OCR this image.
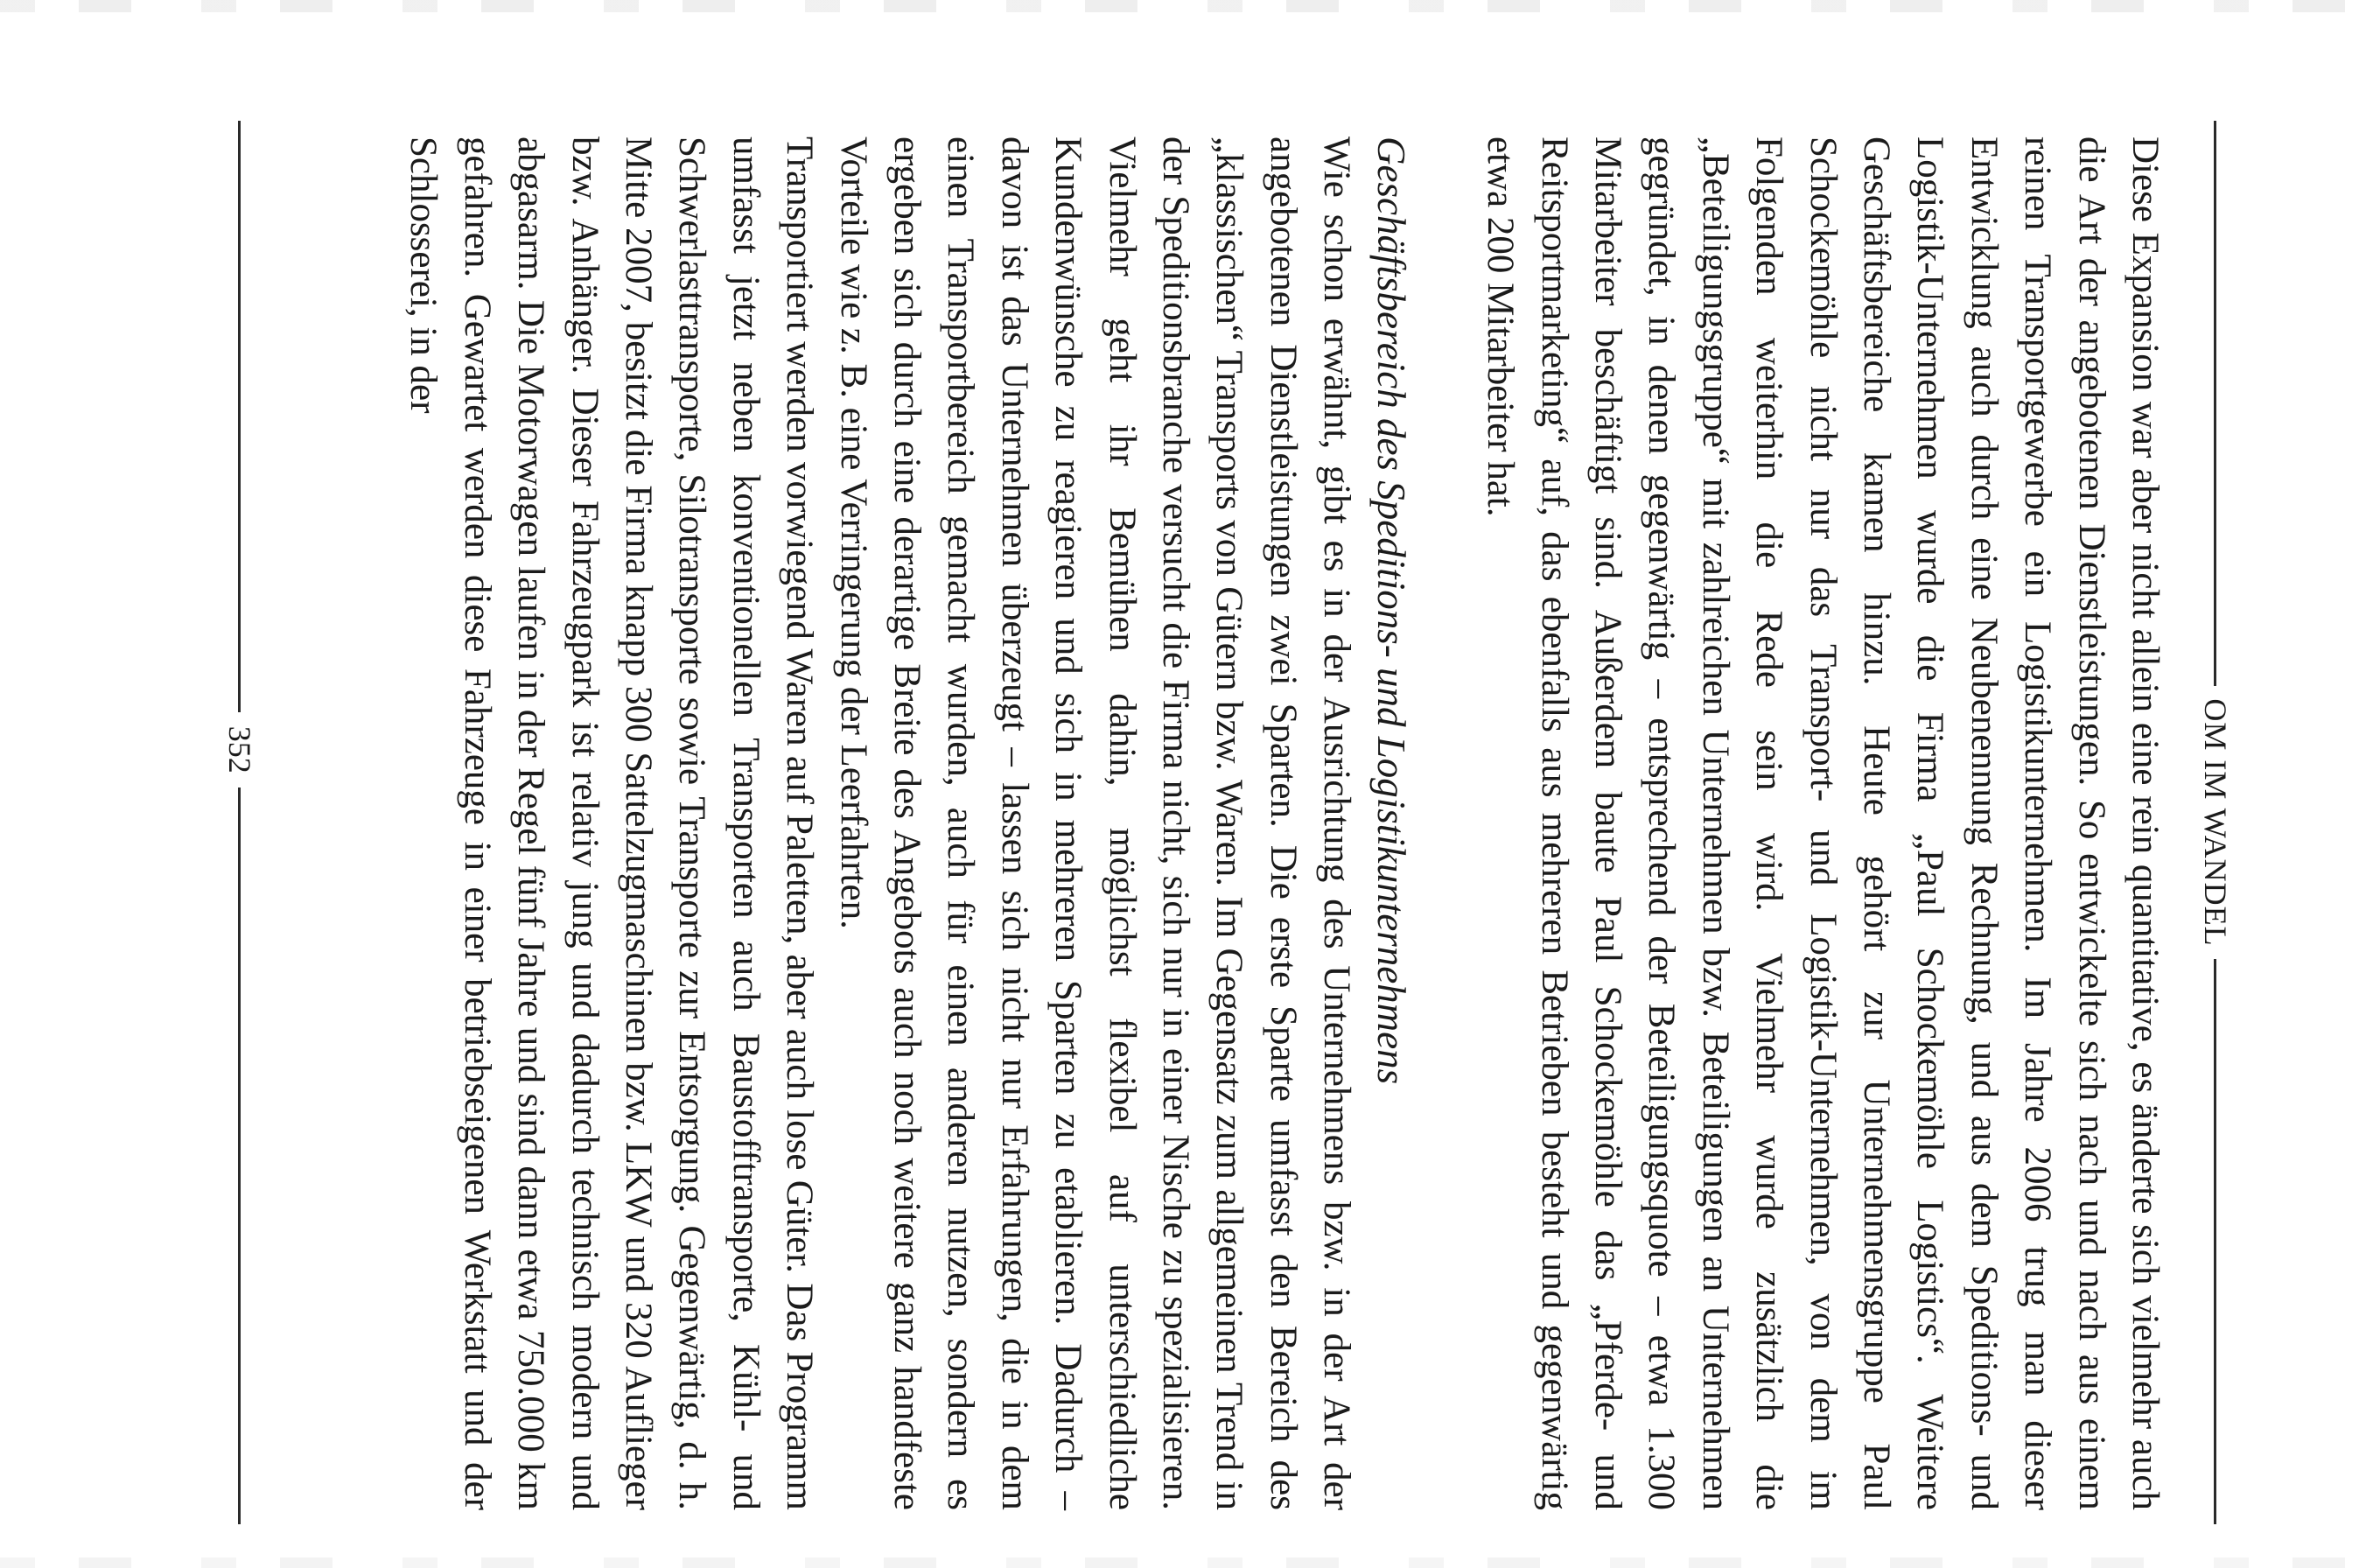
OM IM WANDEL

Diese Expansion war aber nicht allein eine rein quantitative, es änderte sich vielmehr auch die Art der angebotenen Dienstleistungen. So entwickelte sich nach und nach aus einem reinen Transportgewerbe ein Logistikunternehmen. Im Jahre 2006 trug man dieser Entwicklung auch durch eine Neubenennung Rechnung, und aus dem Speditions- und Logistik-Unternehmen wurde die Firma „Paul Schockemöhle Logistics“. Weitere Geschäftsbereiche kamen hinzu. Heute gehört zur Unternehmensgruppe Paul Schockemöhle nicht nur das Transport- und Logistik-Unternehmen, von dem im Folgenden weiterhin die Rede sein wird. Vielmehr wurde zusätzlich die „Beteiligungsgruppe“ mit zahlreichen Unternehmen bzw. Beteiligungen an Unternehmen gegründet, in denen gegenwärtig – entsprechend der Beteiligungsquote – etwa 1.300 Mitarbeiter beschäftigt sind. Außerdem baute Paul Schockemöhle das „Pferde- und Reitsportmarketing“ auf, das ebenfalls aus mehreren Betrieben besteht und gegenwärtig etwa 200 Mitarbeiter hat.

Geschäftsbereich des Speditions- und Logistikunternehmens

Wie schon erwähnt, gibt es in der Ausrichtung des Unternehmens bzw. in der Art der angebotenen Dienstleistungen zwei Sparten. Die erste Sparte umfasst den Bereich des „klassischen“ Transports von Gütern bzw. Waren. Im Gegensatz zum allgemeinen Trend in der Speditionsbranche versucht die Firma nicht, sich nur in einer Nische zu spezialisieren. Vielmehr geht ihr Bemühen dahin, möglichst flexibel auf unterschiedliche Kundenwünsche zu reagieren und sich in mehreren Sparten zu etablieren. Dadurch – davon ist das Unternehmen überzeugt – lassen sich nicht nur Erfahrungen, die in dem einen Transportbereich gemacht wurden, auch für einen anderen nutzen, sondern es ergeben sich durch eine derartige Breite des Angebots auch noch weitere ganz handfeste Vorteile wie z. B. eine Verringerung der Leerfahrten.

Transportiert werden vorwiegend Waren auf Paletten, aber auch lose Güter. Das Programm umfasst jetzt neben konventionellen Transporten auch Baustofftransporte, Kühl- und Schwerlasttransporte, Silotransporte sowie Transporte zur Entsorgung. Gegenwärtig, d. h. Mitte 2007, besitzt die Firma knapp 300 Sattelzugmaschinen bzw. LKW und 320 Auflieger bzw. Anhänger. Dieser Fahrzeugpark ist relativ jung und dadurch technisch modern und abgasarm. Die Motorwagen laufen in der Regel fünf Jahre und sind dann etwa 750.000 km gefahren. Gewartet werden diese Fahrzeuge in einer betriebseigenen Werkstatt und der Schlosserei, in der

352
